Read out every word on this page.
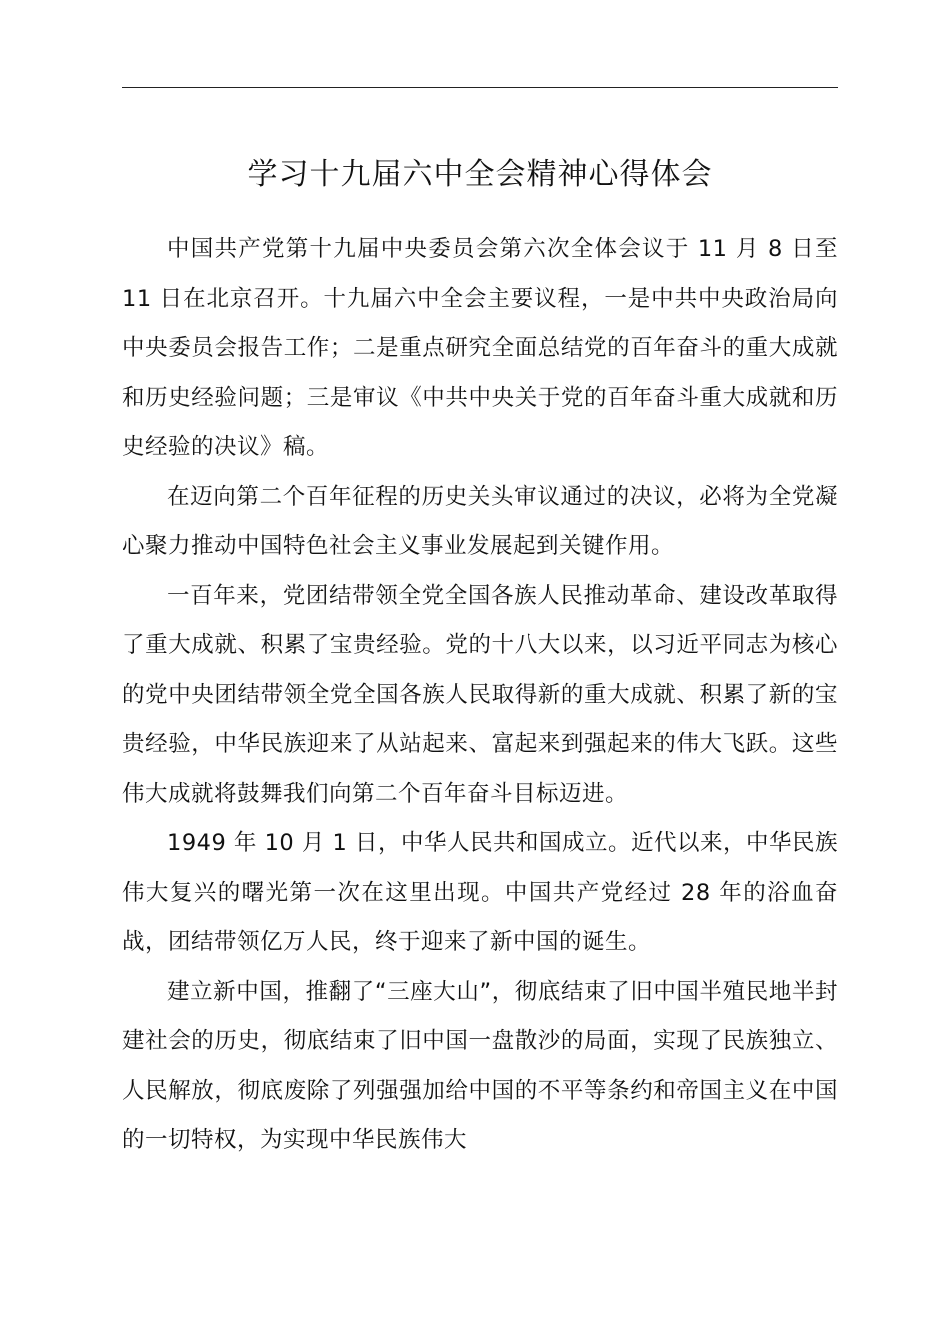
学习十九届六中全会精神心得体会

中国共产党第十九届中央委员会第六次全体会议于 11 月 8 日至 11 日在北京召开。十九届六中全会主要议程，一是中共中央政治局向中央委员会报告工作；二是重点研究全面总结党的百年奋斗的重大成就和历史经验问题；三是审议《中共中央关于党的百年奋斗重大成就和历史经验的决议》稿。

在迈向第二个百年征程的历史关头审议通过的决议，必将为全党凝心聚力推动中国特色社会主义事业发展起到关键作用。

一百年来，党团结带领全党全国各族人民推动革命、建设改革取得了重大成就、积累了宝贵经验。党的十八大以来，以习近平同志为核心的党中央团结带领全党全国各族人民取得新的重大成就、积累了新的宝贵经验，中华民族迎来了从站起来、富起来到强起来的伟大飞跃。这些伟大成就将鼓舞我们向第二个百年奋斗目标迈进。

1949 年 10 月 1 日，中华人民共和国成立。近代以来，中华民族伟大复兴的曙光第一次在这里出现。中国共产党经过 28 年的浴血奋战，团结带领亿万人民，终于迎来了新中国的诞生。

建立新中国，推翻了“三座大山”，彻底结束了旧中国半殖民地半封建社会的历史，彻底结束了旧中国一盘散沙的局面，实现了民族独立、人民解放，彻底废除了列强强加给中国的不平等条约和帝国主义在中国的一切特权，为实现中华民族伟大
